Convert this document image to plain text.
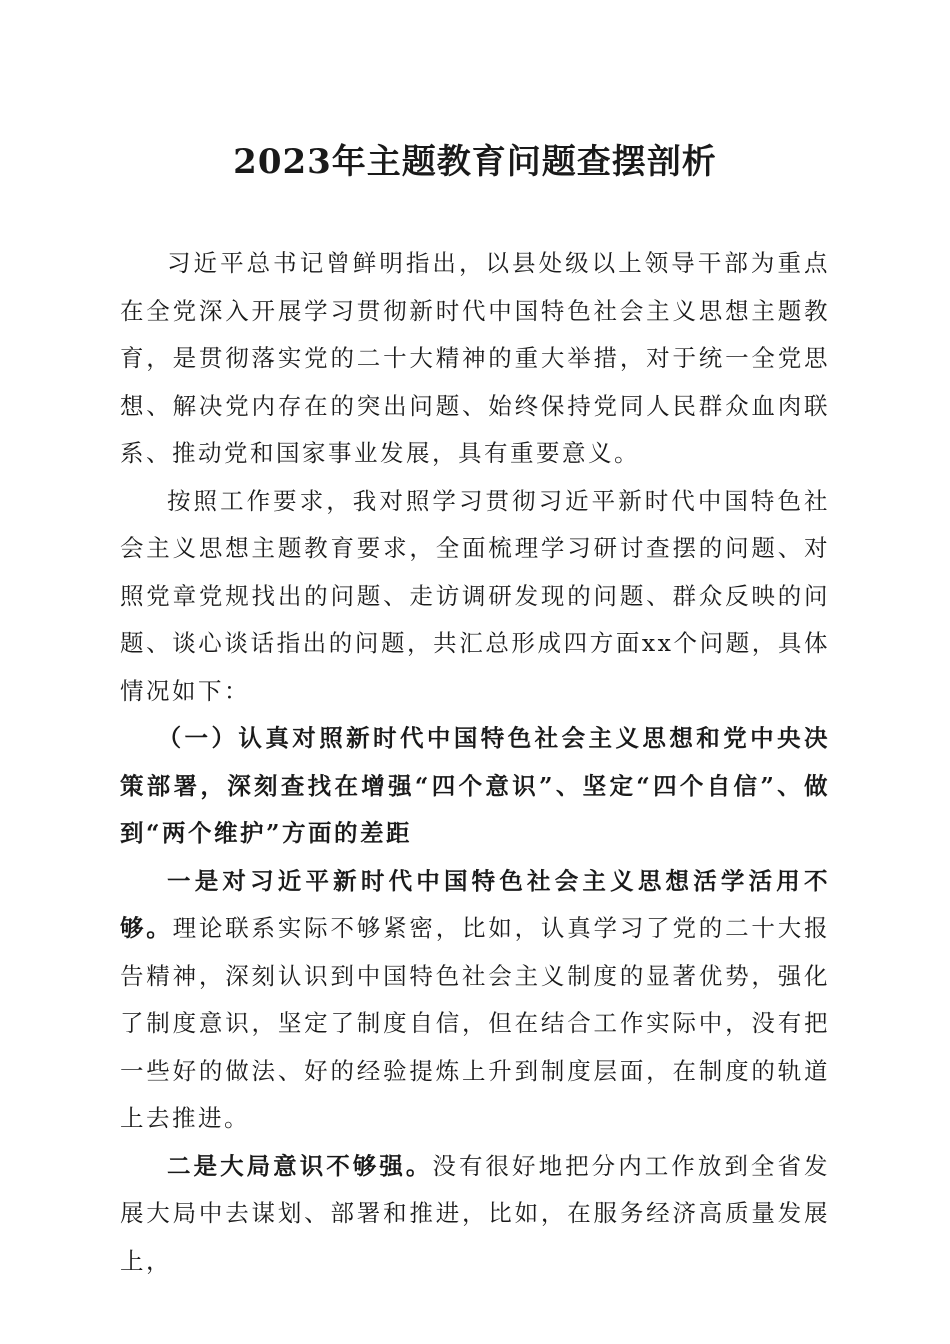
2023年主题教育问题查摆剖析

习近平总书记曾鲜明指出，以县处级以上领导干部为重点在全党深入开展学习贯彻新时代中国特色社会主义思想主题教育，是贯彻落实党的二十大精神的重大举措，对于统一全党思想、解决党内存在的突出问题、始终保持党同人民群众血肉联系、推动党和国家事业发展，具有重要意义。

按照工作要求，我对照学习贯彻习近平新时代中国特色社会主义思想主题教育要求，全面梳理学习研讨查摆的问题、对照党章党规找出的问题、走访调研发现的问题、群众反映的问题、谈心谈话指出的问题，共汇总形成四方面xx个问题，具体情况如下：

（一）认真对照新时代中国特色社会主义思想和党中央决策部署，深刻查找在增强“四个意识”、坚定“四个自信”、做到“两个维护”方面的差距

一是对习近平新时代中国特色社会主义思想活学活用不够。理论联系实际不够紧密，比如，认真学习了党的二十大报告精神，深刻认识到中国特色社会主义制度的显著优势，强化了制度意识，坚定了制度自信，但在结合工作实际中，没有把一些好的做法、好的经验提炼上升到制度层面，在制度的轨道上去推进。

二是大局意识不够强。没有很好地把分内工作放到全省发展大局中去谋划、部署和推进，比如，在服务经济高质量发展上，
